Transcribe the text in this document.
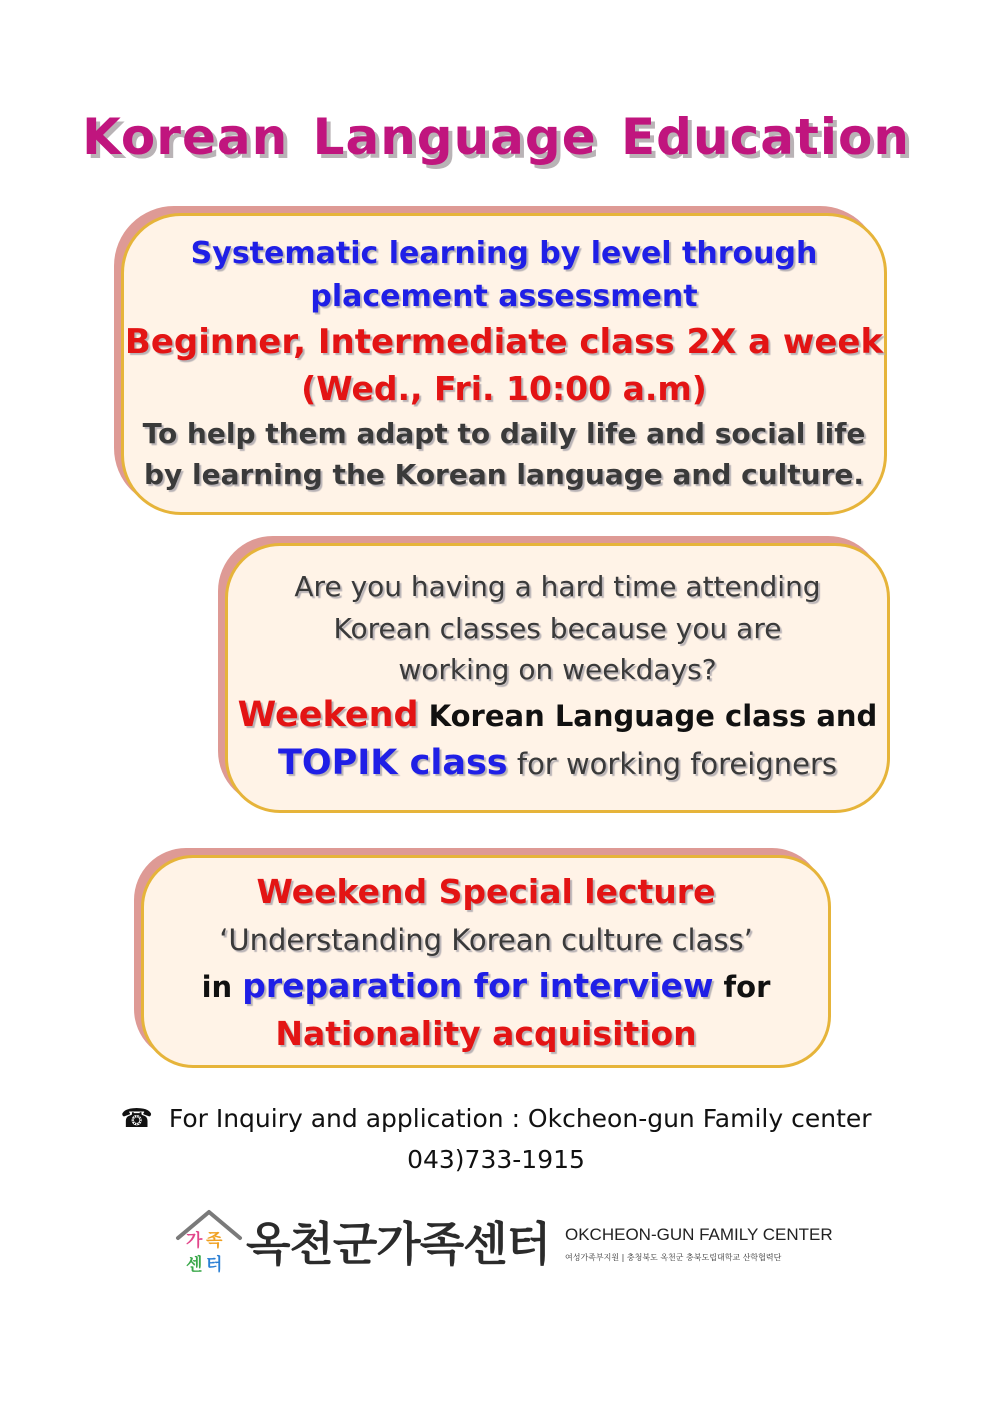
Korean Language Education
Systematic learning by level through
placement assessment
Beginner, Intermediate class 2X a week
(Wed., Fri. 10:00 a.m)
To help them adapt to daily life and social life
by learning the Korean language and culture.
Are you having a hard time attending
Korean classes because you are
working on weekdays?
Weekend Korean Language class and
TOPIK class for working foreigners
Weekend Special lecture
‘Understanding Korean culture class’
in preparation for interview for
Nationality acquisition
☎ For Inquiry and application : Okcheon-gun Family center
043)733-1915
가 족
센 터 옥천군가족센터 OKCHEON-GUN FAMILY CENTER
여성가족부지원 | 충청북도 옥천군 충북도립대학교 산학협력단
